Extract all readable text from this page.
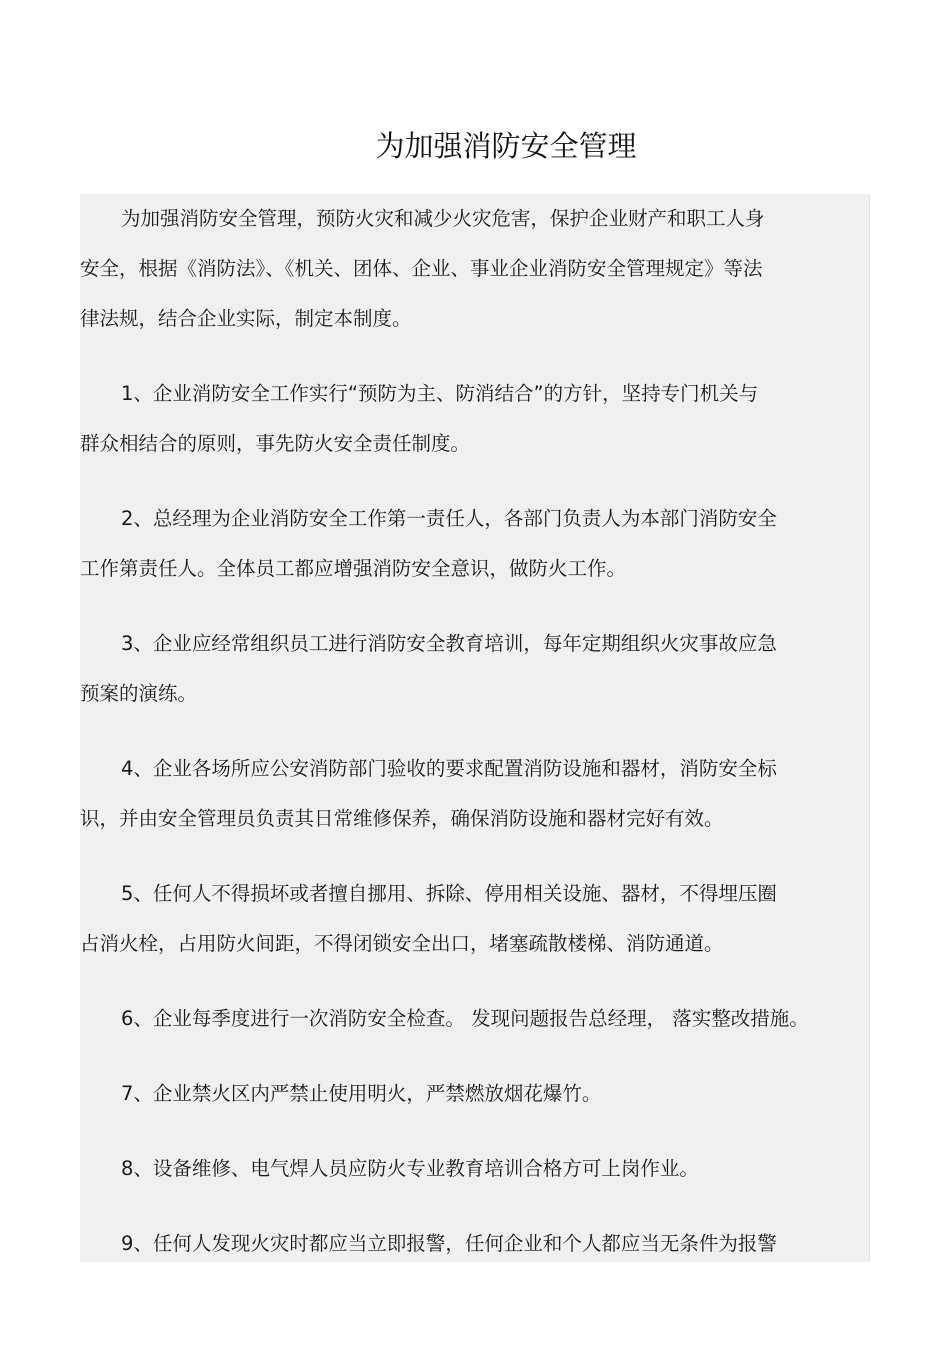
为加强消防安全管理
为加强消防安全管理，预防火灾和减少火灾危害，保护企业财产和职工人身
安全，根据《消防法》、《机关、团体、企业、事业企业消防安全管理规定》等法
律法规，结合企业实际，制定本制度。
1、企业消防安全工作实行“预防为主、防消结合”的方针，坚持专门机关与
群众相结合的原则，事先防火安全责任制度。
2、总经理为企业消防安全工作第一责任人，各部门负责人为本部门消防安全
工作第责任人。全体员工都应增强消防安全意识，做防火工作。
3、企业应经常组织员工进行消防安全教育培训，每年定期组织火灾事故应急
预案的演练。
4、企业各场所应公安消防部门验收的要求配置消防设施和器材，消防安全标
识，并由安全管理员负责其日常维修保养，确保消防设施和器材完好有效。
5、任何人不得损坏或者擅自挪用、拆除、停用相关设施、器材，不得埋压圈
占消火栓，占用防火间距，不得闭锁安全出口，堵塞疏散楼梯、消防通道。
6、企业每季度进行一次消防安全检查。 发现问题报告总经理， 落实整改措施。
7、企业禁火区内严禁止使用明火，严禁燃放烟花爆竹。
8、设备维修、电气焊人员应防火专业教育培训合格方可上岗作业。
9、任何人发现火灾时都应当立即报警，任何企业和个人都应当无条件为报警
